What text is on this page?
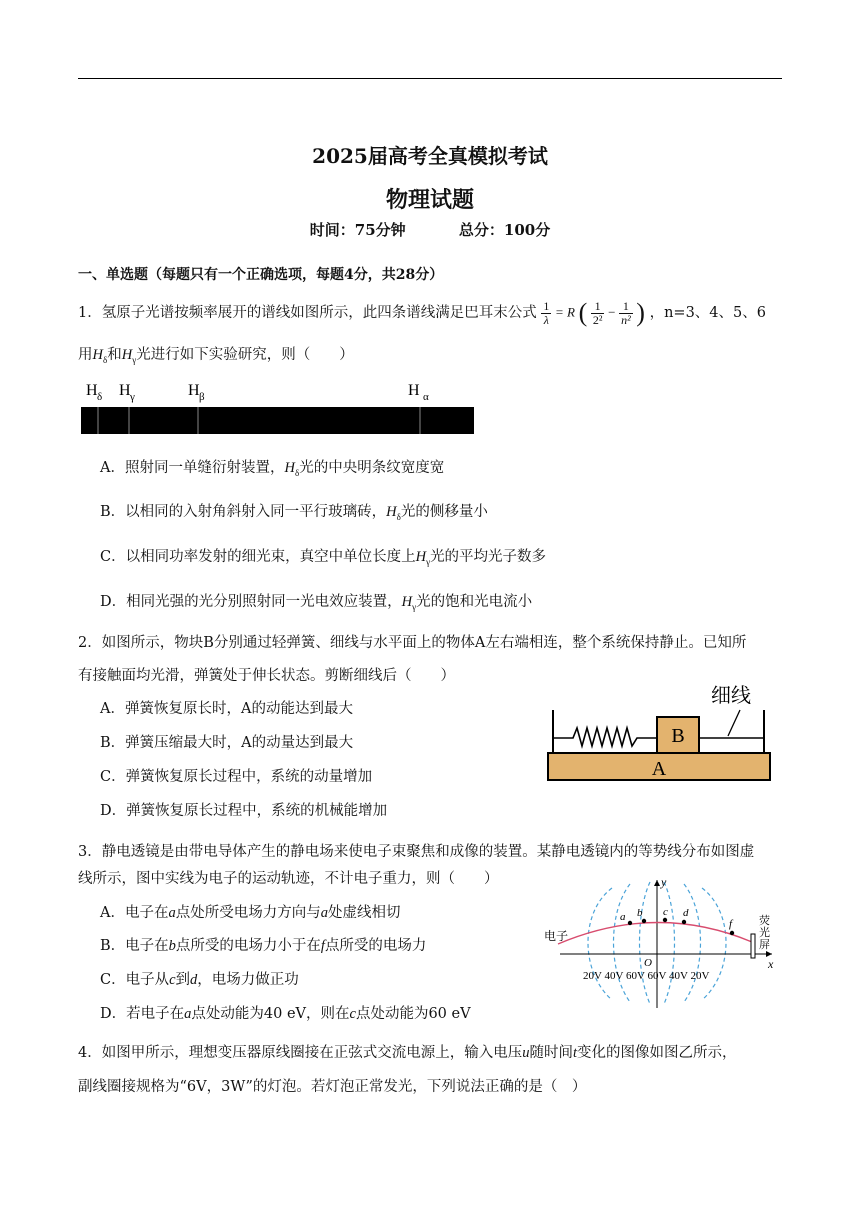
2025届高考全真模拟考试
物理试题
时间：75分钟	总分：100分
一、单选题（每题只有一个正确选项，每题4分，共28分）
1．氢原子光谱按频率展开的谱线如图所示，此四条谱线满足巴耳末公式 $\frac{1}{\lambda} = R$ ( $\frac{1}{\text{2²}} - \frac{1}{\text{n²}}$ ) ，n=3、4、5、6
用$H_\delta$和$H_\gamma$光进行如下实验研究，则（　　）
H δ H γ	H β	H α
A．照射同一单缝衍射装置，$H_\delta$光的中央明条纹宽度宽
B．以相同的入射角斜射入同一平行玻璃砖，$H_\delta$光的侧移量小
C．以相同功率发射的细光束，真空中单位长度上$H_\gamma$光的平均光子数多
D．相同光强的光分别照射同一光电效应装置，$H_\gamma$光的饱和光电流小
2．如图所示，物块B分别通过轻弹簧、细线与水平面上的物体A左右端相连，整个系统保持静止。已知所
有接触面均光滑，弹簧处于伸长状态。剪断细线后（　　）
A．弹簧恢复原长时，A的动能达到最大
B．弹簧压缩最大时，A的动量达到最大
C．弹簧恢复原长过程中，系统的动量增加
D．弹簧恢复原长过程中，系统的机械能增加
A
B
细线
3．静电透镜是由带电导体产生的静电场来使电子束聚焦和成像的装置。某静电透镜内的等势线分布如图虚
线所示，图中实线为电子的运动轨迹，不计电子重力，则（　　）
A．电子在a点处所受电场力方向与a处虚线相切
B．电子在b点所受的电场力小于在f点所受的电场力
C．电子从c到d，电场力做正功
D．若电子在a点处动能为40 eV，则在c点处动能为60 eV
x
y
O
a b c d
f
电子
荧
光
屏
20V 40V 60V 60V 40V 20V
4．如图甲所示，理想变压器原线圈接在正弦式交流电源上，输入电压u随时间t变化的图像如图乙所示，
副线圈接规格为“6V，3W”的灯泡。若灯泡正常发光，下列说法正确的是（　）
